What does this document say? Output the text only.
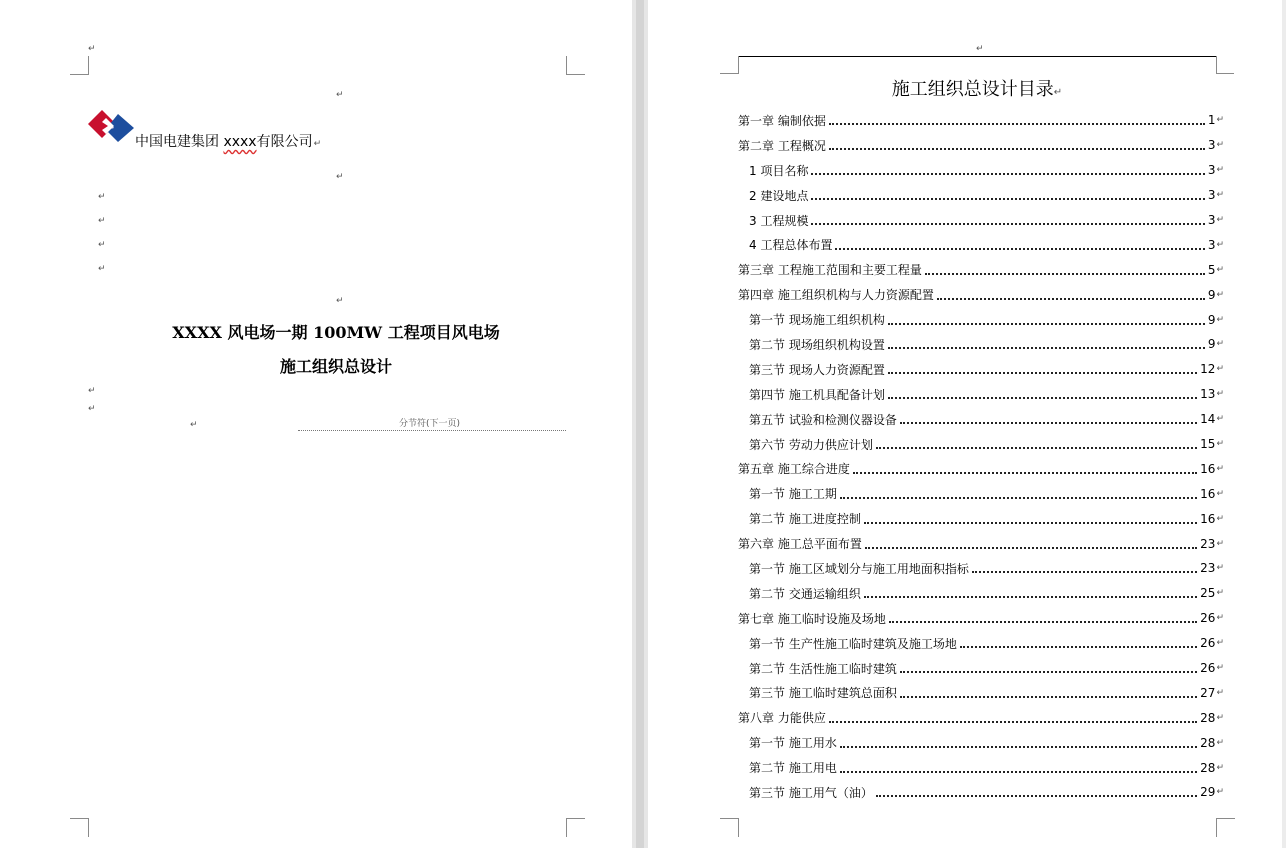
↵
↵
中国电建集团 xxxx有限公司↵
↵
↵
↵
↵
↵
↵
XXXX 风电场一期 100MW 工程项目风电场
施工组织总设计
↵
↵
↵	分节符(下一页)
↵
施工组织总设计目录↵
第一章 编制依据	1 ↵
第二章 工程概况	3 ↵
1 项目名称	3 ↵
2 建设地点	3 ↵
3 工程规模	3 ↵
4 工程总体布置	3 ↵
第三章 工程施工范围和主要工程量	5 ↵
第四章 施工组织机构与人力资源配置	9 ↵
第一节 现场施工组织机构	9 ↵
第二节 现场组织机构设置	9 ↵
第三节 现场人力资源配置	12 ↵
第四节 施工机具配备计划	13 ↵
第五节 试验和检测仪器设备	14 ↵
第六节 劳动力供应计划	15 ↵
第五章 施工综合进度	16 ↵
第一节 施工工期	16 ↵
第二节 施工进度控制	16 ↵
第六章 施工总平面布置	23 ↵
第一节 施工区域划分与施工用地面积指标	23 ↵
第二节 交通运输组织	25 ↵
第七章 施工临时设施及场地	26 ↵
第一节 生产性施工临时建筑及施工场地	26 ↵
第二节 生活性施工临时建筑	26 ↵
第三节 施工临时建筑总面积	27 ↵
第八章 力能供应	28 ↵
第一节 施工用水	28 ↵
第二节 施工用电	28 ↵
第三节 施工用气（油）	29 ↵
